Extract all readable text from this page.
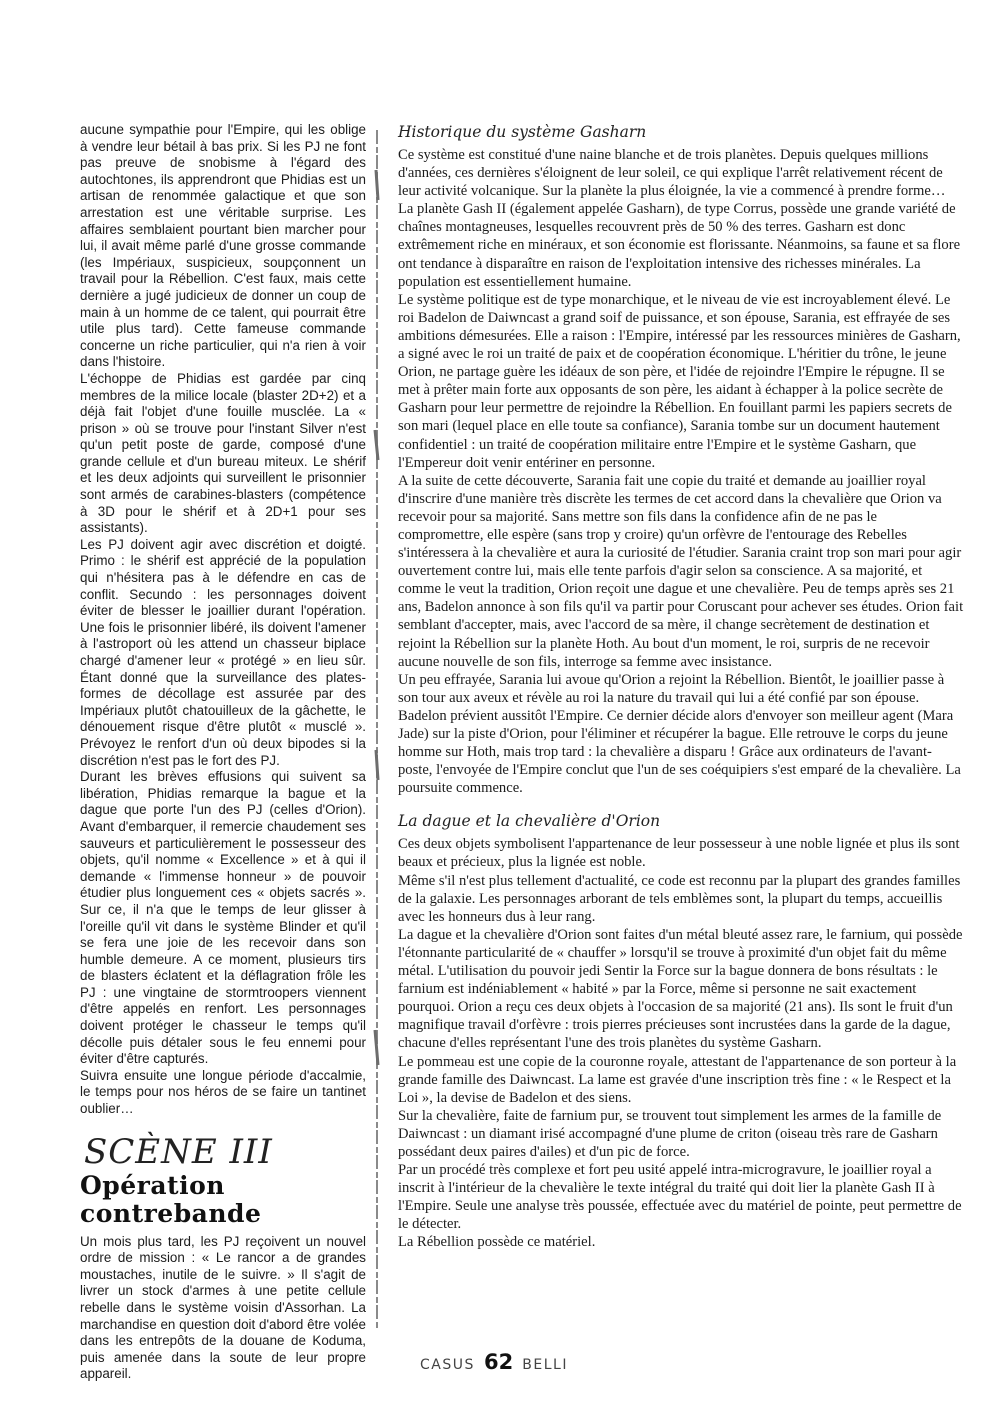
aucune sympathie pour l'Empire, qui les oblige à vendre leur bétail à bas prix. Si les PJ ne font pas preuve de snobisme à l'égard des autochtones, ils apprendront que Phidias est un artisan de renommée galactique et que son arrestation est une véritable surprise. Les affaires semblaient pourtant bien marcher pour lui, il avait même parlé d'une grosse commande (les Impériaux, suspicieux, soupçonnent un travail pour la Rébellion. C'est faux, mais cette dernière a jugé judicieux de donner un coup de main à un homme de ce talent, qui pourrait être utile plus tard). Cette fameuse commande concerne un riche particulier, qui n'a rien à voir dans l'histoire.

L'échoppe de Phidias est gardée par cinq membres de la milice locale (blaster 2D+2) et a déjà fait l'objet d'une fouille musclée. La « prison » où se trouve pour l'instant Silver n'est qu'un petit poste de garde, composé d'une grande cellule et d'un bureau miteux. Le shérif et les deux adjoints qui surveillent le prisonnier sont armés de carabines-blasters (compétence à 3D pour le shérif et à 2D+1 pour ses assistants).

Les PJ doivent agir avec discrétion et doigté. Primo : le shérif est apprécié de la population qui n'hésitera pas à le défendre en cas de conflit. Secundo : les personnages doivent éviter de blesser le joaillier durant l'opération. Une fois le prisonnier libéré, ils doivent l'amener à l'astroport où les attend un chasseur biplace chargé d'amener leur « protégé » en lieu sûr. Étant donné que la surveillance des plates-formes de décollage est assurée par des Impériaux plutôt chatouilleux de la gâchette, le dénouement risque d'être plutôt « musclé ». Prévoyez le renfort d'un où deux bipodes si la discrétion n'est pas le fort des PJ.

Durant les brèves effusions qui suivent sa libération, Phidias remarque la bague et la dague que porte l'un des PJ (celles d'Orion). Avant d'embarquer, il remercie chaudement ses sauveurs et particulièrement le possesseur des objets, qu'il nomme « Excellence » et à qui il demande « l'immense honneur » de pouvoir étudier plus longuement ces « objets sacrés ». Sur ce, il n'a que le temps de leur glisser à l'oreille qu'il vit dans le système Blinder et qu'il se fera une joie de les recevoir dans son humble demeure. A ce moment, plusieurs tirs de blasters éclatent et la déflagration frôle les PJ : une vingtaine de stormtroopers viennent d'être appelés en renfort. Les personnages doivent protéger le chasseur le temps qu'il décolle puis détaler sous le feu ennemi pour éviter d'être capturés.

Suivra ensuite une longue période d'accalmie, le temps pour nos héros de se faire un tantinet oublier…

SCÈNE III
Opération
contrebande

Un mois plus tard, les PJ reçoivent un nouvel ordre de mission : « Le rancor a de grandes moustaches, inutile de le suivre. » Il s'agit de livrer un stock d'armes à une petite cellule rebelle dans le système voisin d'Assorhan. La marchandise en question doit d'abord être volée dans les entrepôts de la douane de Koduma, puis amenée dans la soute de leur propre appareil.

Historique du système Gasharn

Ce système est constitué d'une naine blanche et de trois planètes. Depuis quelques millions d'années, ces dernières s'éloignent de leur soleil, ce qui explique l'arrêt relativement récent de leur activité volcanique. Sur la planète la plus éloignée, la vie a commencé à prendre forme…

La planète Gash II (également appelée Gasharn), de type Corrus, possède une grande variété de chaînes montagneuses, lesquelles recouvrent près de 50 % des terres. Gasharn est donc extrêmement riche en minéraux, et son économie est florissante. Néanmoins, sa faune et sa flore ont tendance à disparaître en raison de l'exploitation intensive des richesses minérales. La population est essentiellement humaine.

Le système politique est de type monarchique, et le niveau de vie est incroyablement élevé. Le roi Badelon de Daiwncast a grand soif de puissance, et son épouse, Sarania, est effrayée de ses ambitions démesurées. Elle a raison : l'Empire, intéressé par les ressources minières de Gasharn, a signé avec le roi un traité de paix et de coopération économique. L'héritier du trône, le jeune Orion, ne partage guère les idéaux de son père, et l'idée de rejoindre l'Empire le répugne. Il se met à prêter main forte aux opposants de son père, les aidant à échapper à la police secrète de Gasharn pour leur permettre de rejoindre la Rébellion. En fouillant parmi les papiers secrets de son mari (lequel place en elle toute sa confiance), Sarania tombe sur un document hautement confidentiel : un traité de coopération militaire entre l'Empire et le système Gasharn, que l'Empereur doit venir entériner en personne.

A la suite de cette découverte, Sarania fait une copie du traité et demande au joaillier royal d'inscrire d'une manière très discrète les termes de cet accord dans la chevalière que Orion va recevoir pour sa majorité. Sans mettre son fils dans la confidence afin de ne pas le compromettre, elle espère (sans trop y croire) qu'un orfèvre de l'entourage des Rebelles s'intéressera à la chevalière et aura la curiosité de l'étudier. Sarania craint trop son mari pour agir ouvertement contre lui, mais elle tente parfois d'agir selon sa conscience. A sa majorité, et comme le veut la tradition, Orion reçoit une dague et une chevalière. Peu de temps après ses 21 ans, Badelon annonce à son fils qu'il va partir pour Coruscant pour achever ses études. Orion fait semblant d'accepter, mais, avec l'accord de sa mère, il change secrètement de destination et rejoint la Rébellion sur la planète Hoth. Au bout d'un moment, le roi, surpris de ne recevoir aucune nouvelle de son fils, interroge sa femme avec insistance.

Un peu effrayée, Sarania lui avoue qu'Orion a rejoint la Rébellion. Bientôt, le joaillier passe à son tour aux aveux et révèle au roi la nature du travail qui lui a été confié par son épouse. Badelon prévient aussitôt l'Empire. Ce dernier décide alors d'envoyer son meilleur agent (Mara Jade) sur la piste d'Orion, pour l'éliminer et récupérer la bague. Elle retrouve le corps du jeune homme sur Hoth, mais trop tard : la chevalière a disparu ! Grâce aux ordinateurs de l'avant-poste, l'envoyée de l'Empire conclut que l'un de ses coéquipiers s'est emparé de la chevalière. La poursuite commence.

La dague et la chevalière d'Orion

Ces deux objets symbolisent l'appartenance de leur possesseur à une noble lignée et plus ils sont beaux et précieux, plus la lignée est noble.

Même s'il n'est plus tellement d'actualité, ce code est reconnu par la plupart des grandes familles de la galaxie. Les personnages arborant de tels emblèmes sont, la plupart du temps, accueillis avec les honneurs dus à leur rang.

La dague et la chevalière d'Orion sont faites d'un métal bleuté assez rare, le farnium, qui possède l'étonnante particularité de « chauffer » lorsqu'il se trouve à proximité d'un objet fait du même métal. L'utilisation du pouvoir jedi Sentir la Force sur la bague donnera de bons résultats : le farnium est indéniablement « habité » par la Force, même si personne ne sait exactement pourquoi. Orion a reçu ces deux objets à l'occasion de sa majorité (21 ans). Ils sont le fruit d'un magnifique travail d'orfèvre : trois pierres précieuses sont incrustées dans la garde de la dague, chacune d'elles représentant l'une des trois planètes du système Gasharn.

Le pommeau est une copie de la couronne royale, attestant de l'appartenance de son porteur à la grande famille des Daiwncast. La lame est gravée d'une inscription très fine : « le Respect et la Loi », la devise de Badelon et des siens.

Sur la chevalière, faite de farnium pur, se trouvent tout simplement les armes de la famille de Daiwncast : un diamant irisé accompagné d'une plume de criton (oiseau très rare de Gasharn possédant deux paires d'ailes) et d'un pic de force.

Par un procédé très complexe et fort peu usité appelé intra-microgravure, le joaillier royal a inscrit à l'intérieur de la chevalière le texte intégral du traité qui doit lier la planète Gash II à l'Empire. Seule une analyse très poussée, effectuée avec du matériel de pointe, peut permettre de le détecter.

La Rébellion possède ce matériel.

CASUS 62 BELLI
